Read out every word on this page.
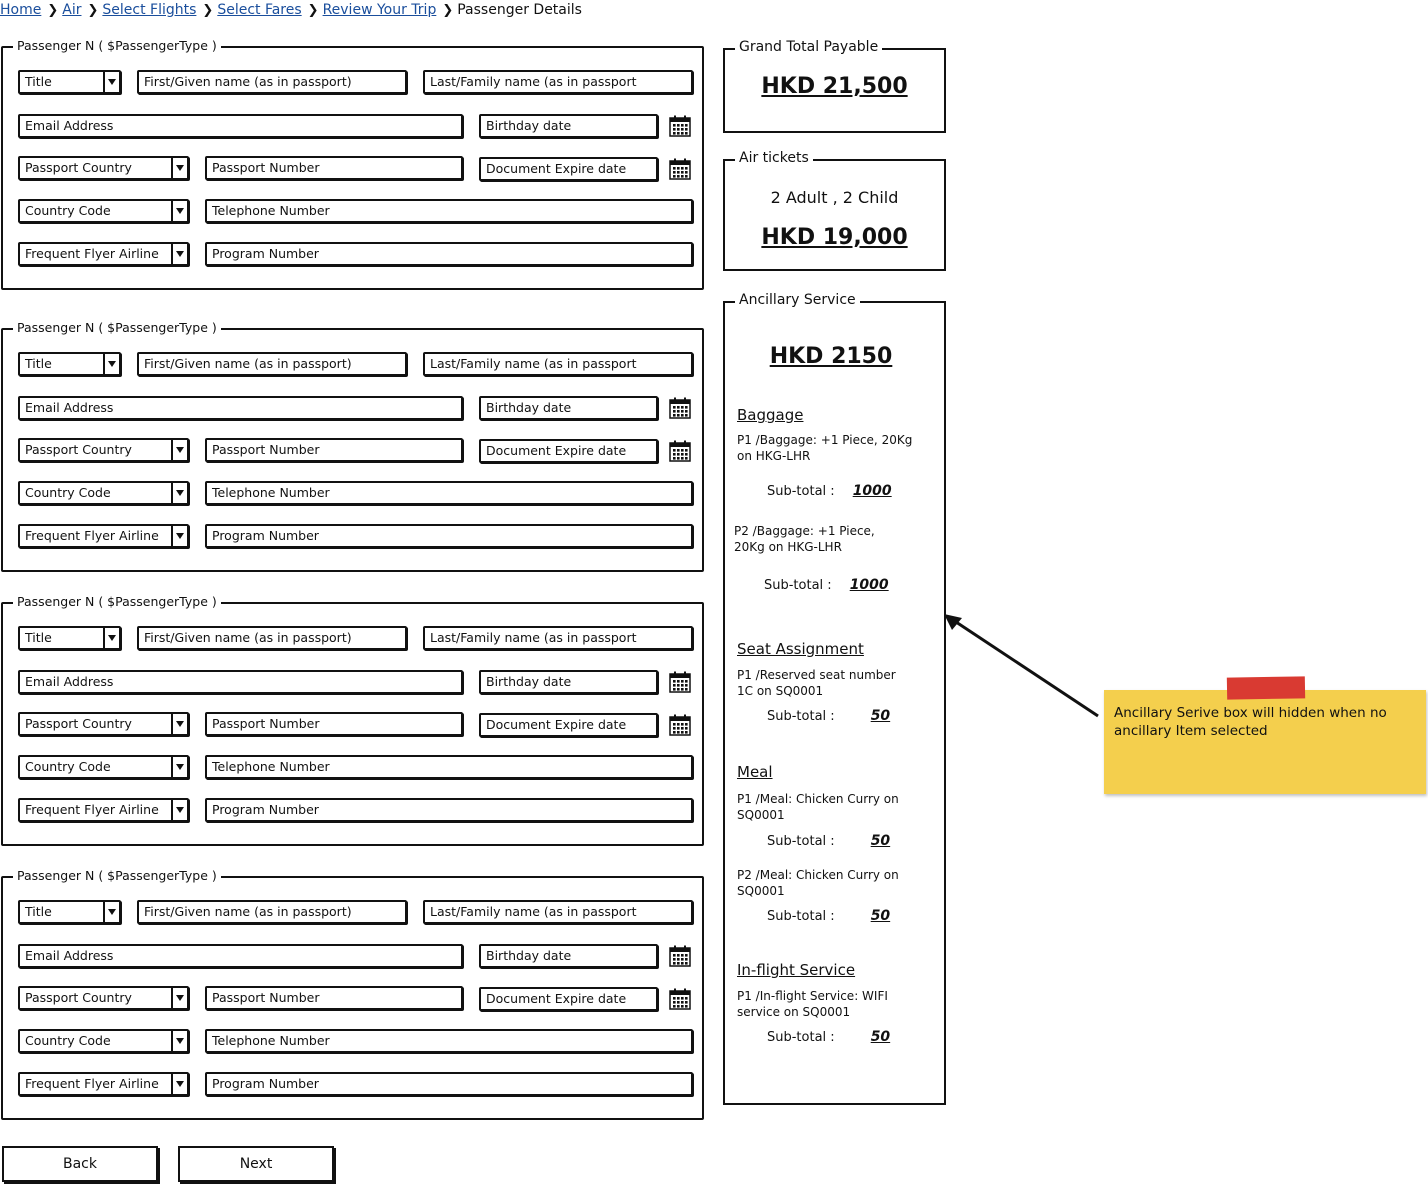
Home ❯ Air ❯ Select Flights ❯ Select Fares ❯ Review Your Trip ❯ Passenger Details
Passenger N ( $PassengerType )
Title	First/Given name (as in passport)	Last/Family name (as in passport
Email Address	Birthday date
Passport Country	Passport Number	Document Expire date
Country Code	Telephone Number
Frequent Flyer Airline	Program Number
Passenger N ( $PassengerType )
Title	First/Given name (as in passport)	Last/Family name (as in passport
Email Address	Birthday date
Passport Country	Passport Number	Document Expire date
Country Code	Telephone Number
Frequent Flyer Airline	Program Number
Passenger N ( $PassengerType )
Title	First/Given name (as in passport)	Last/Family name (as in passport
Email Address	Birthday date
Passport Country	Passport Number	Document Expire date
Country Code	Telephone Number
Frequent Flyer Airline	Program Number
Passenger N ( $PassengerType )
Title	First/Given name (as in passport)	Last/Family name (as in passport
Email Address	Birthday date
Passport Country	Passport Number	Document Expire date
Country Code	Telephone Number
Frequent Flyer Airline	Program Number
Grand Total Payable
HKD 21,500
Air tickets
2 Adult , 2 Child
HKD 19,000
Ancillary Service
HKD 2150
Baggage
P1 /Baggage: +1 Piece, 20Kg on HKG-LHR
Sub-total : 1000
P2 /Baggage: +1 Piece, 20Kg on HKG-LHR
Sub-total : 1000
Seat Assignment
P1 /Reserved seat number 1C on SQ0001
Sub-total :	50
Meal
P1 /Meal: Chicken Curry on SQ0001
Sub-total :	50
P2 /Meal: Chicken Curry on SQ0001
Sub-total :	50
In-flight Service
P1 /In-flight Service: WIFI service on SQ0001
Sub-total :	50
Ancillary Serive box will hidden when no ancillary Item selected
Back	Next
